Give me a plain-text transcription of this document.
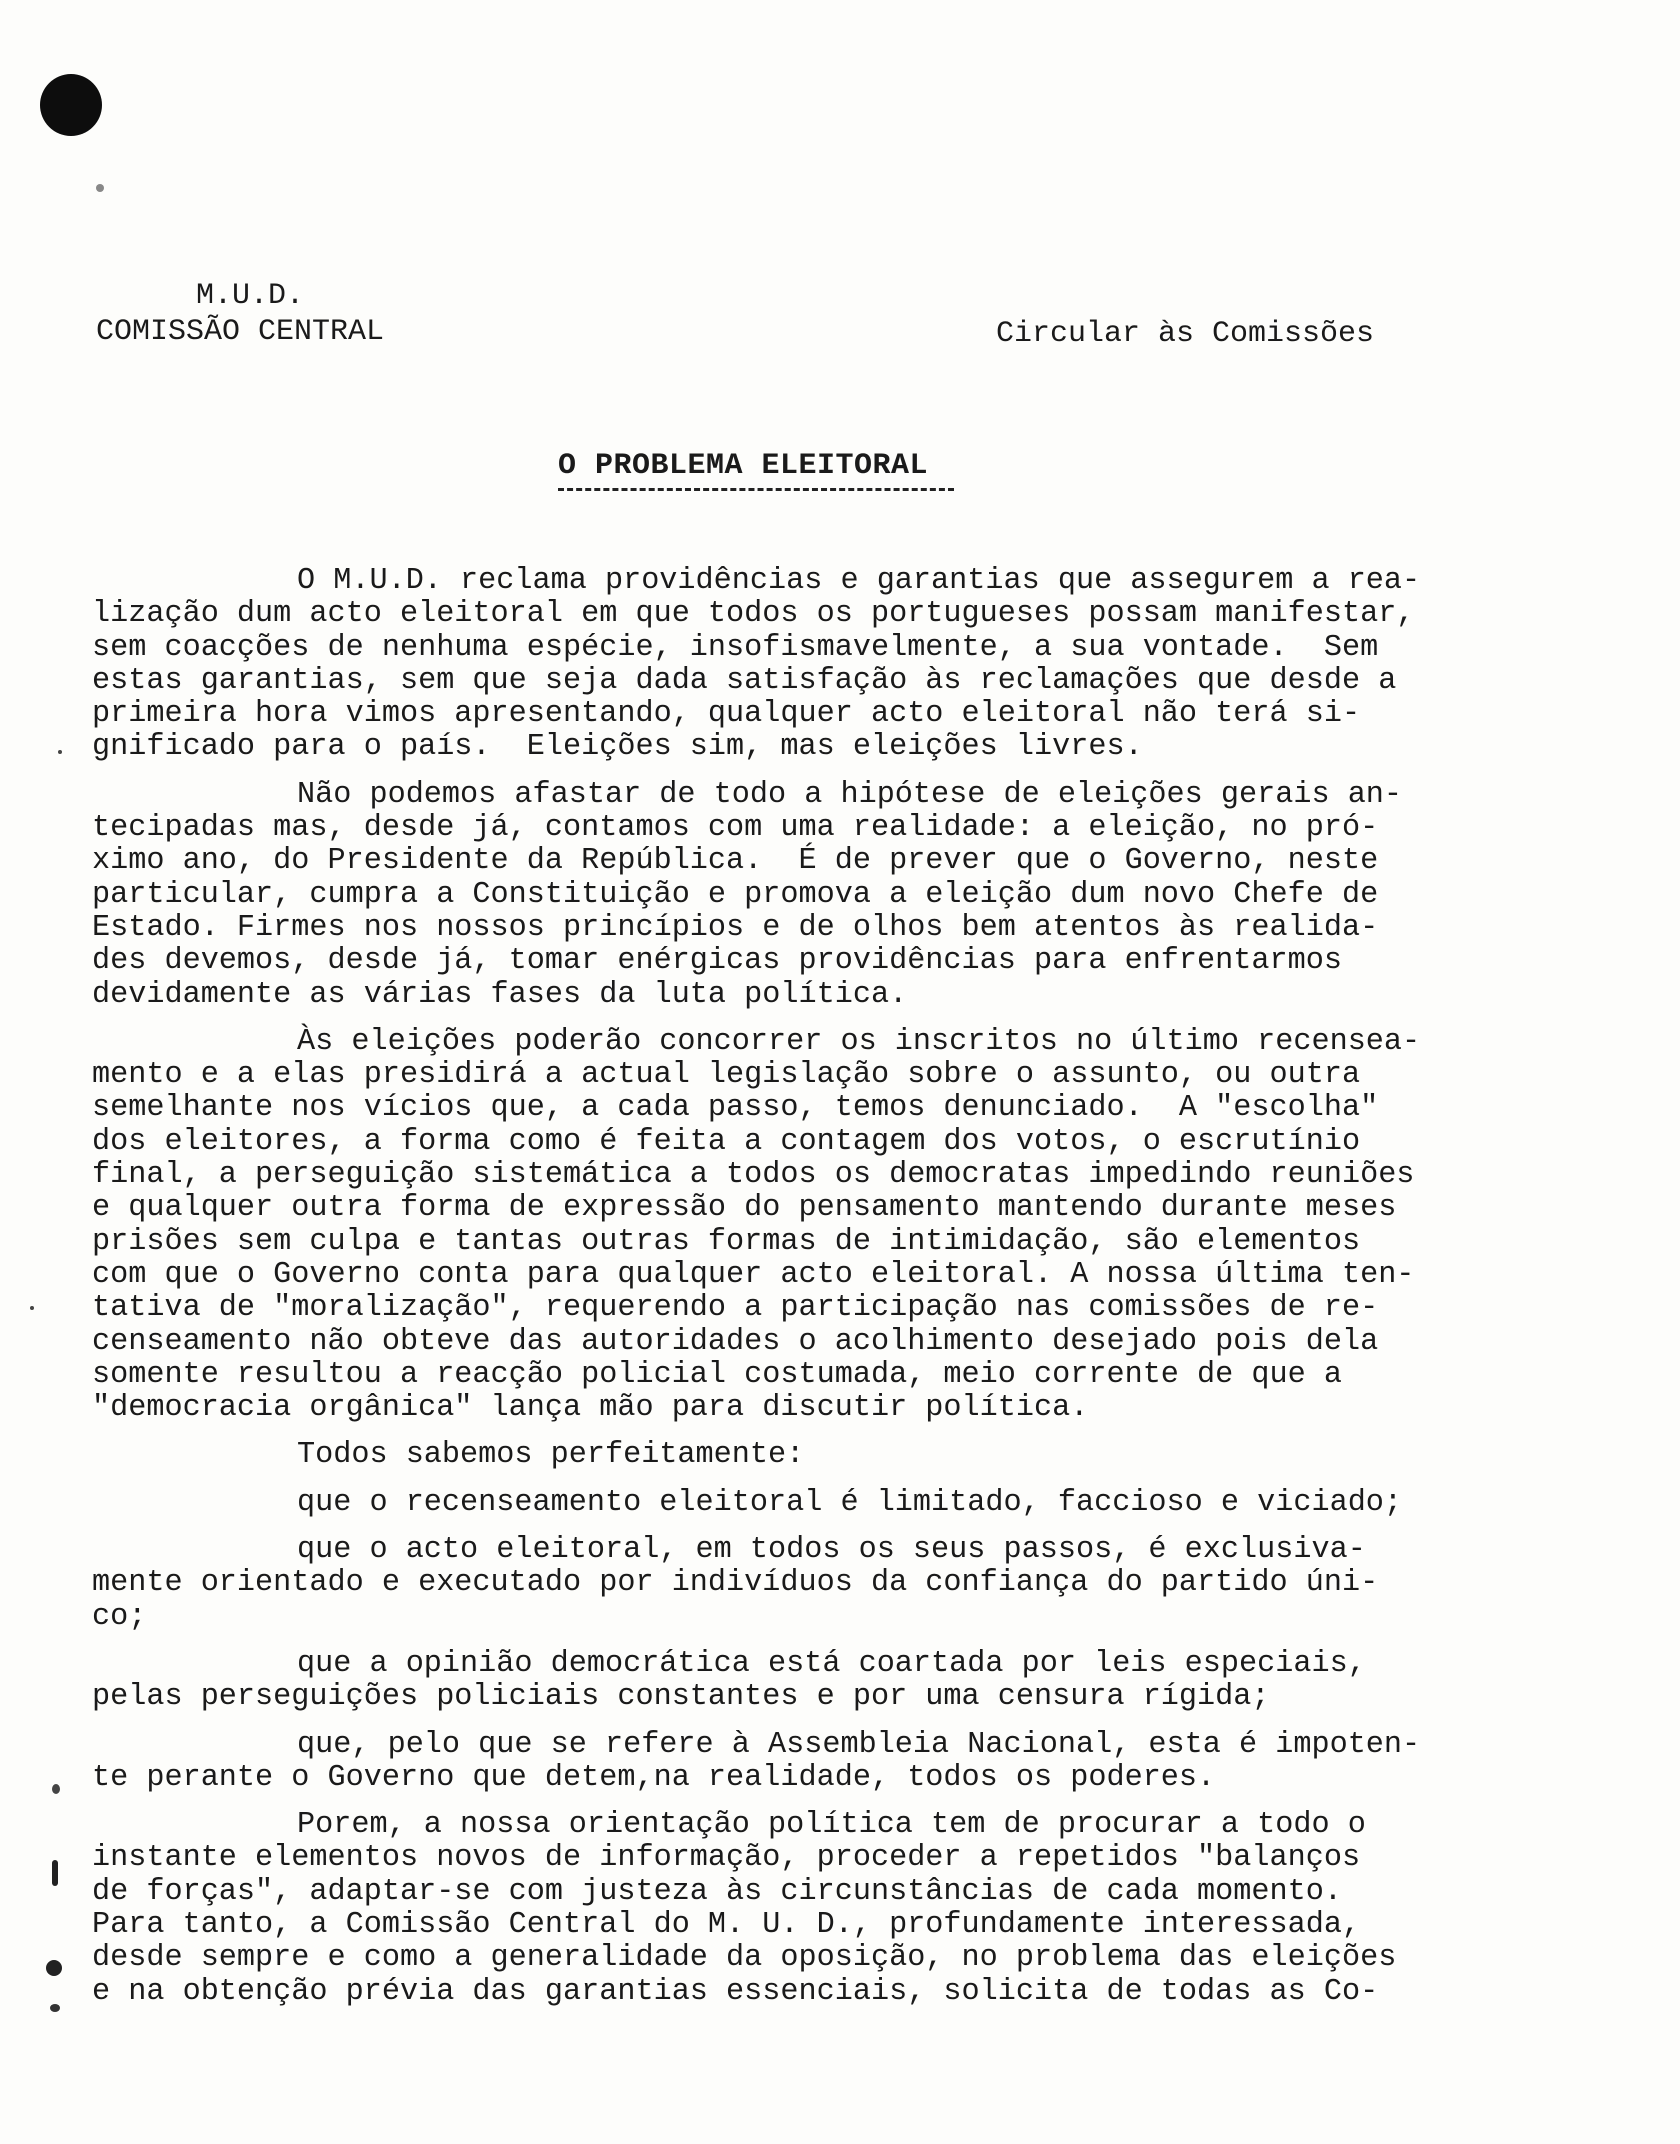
M.U.D.
COMISSÃO CENTRAL	Circular às Comissões
O PROBLEMA ELEITORAL
O M.U.D. reclama providências e garantias que assegurem a rea-
lização dum acto eleitoral em que todos os portugueses possam manifestar,
sem coacções de nenhuma espécie, insofismavelmente, a sua vontade.  Sem
estas garantias, sem que seja dada satisfação às reclamações que desde a
primeira hora vimos apresentando, qualquer acto eleitoral não terá si-
gnificado para o país.  Eleições sim, mas eleições livres.
Não podemos afastar de todo a hipótese de eleições gerais an-
tecipadas mas, desde já, contamos com uma realidade: a eleição, no pró-
ximo ano, do Presidente da República.  É de prever que o Governo, neste
particular, cumpra a Constituição e promova a eleição dum novo Chefe de
Estado. Firmes nos nossos princípios e de olhos bem atentos às realida-
des devemos, desde já, tomar enérgicas providências para enfrentarmos
devidamente as várias fases da luta política.
Às eleições poderão concorrer os inscritos no último recensea-
mento e a elas presidirá a actual legislação sobre o assunto, ou outra
semelhante nos vícios que, a cada passo, temos denunciado.  A "escolha"
dos eleitores, a forma como é feita a contagem dos votos, o escrutínio
final, a perseguição sistemática a todos os democratas impedindo reuniões
e qualquer outra forma de expressão do pensamento mantendo durante meses
prisões sem culpa e tantas outras formas de intimidação, são elementos
com que o Governo conta para qualquer acto eleitoral. A nossa última ten-
tativa de "moralização", requerendo a participação nas comissões de re-
censeamento não obteve das autoridades o acolhimento desejado pois dela
somente resultou a reacção policial costumada, meio corrente de que a
"democracia orgânica" lança mão para discutir política.
Todos sabemos perfeitamente:
que o recenseamento eleitoral é limitado, faccioso e viciado;
que o acto eleitoral, em todos os seus passos, é exclusiva-
mente orientado e executado por indivíduos da confiança do partido úni-
co;
que a opinião democrática está coartada por leis especiais,
pelas perseguições policiais constantes e por uma censura rígida;
que, pelo que se refere à Assembleia Nacional, esta é impoten-
te perante o Governo que detem,na realidade, todos os poderes.
Porem, a nossa orientação política tem de procurar a todo o
instante elementos novos de informação, proceder a repetidos "balanços
de forças", adaptar-se com justeza às circunstâncias de cada momento.
Para tanto, a Comissão Central do M. U. D., profundamente interessada,
desde sempre e como a generalidade da oposição, no problema das eleições
e na obtenção prévia das garantias essenciais, solicita de todas as Co-
